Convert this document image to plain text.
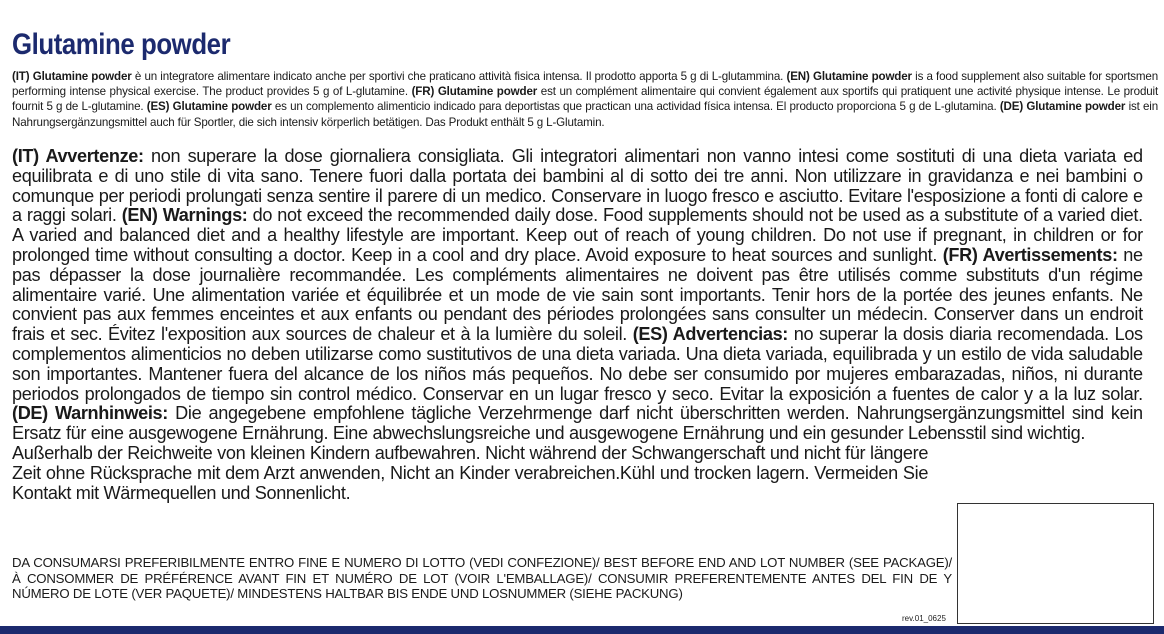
Glutamine powder
(IT) Glutamine powder è un integratore alimentare indicato anche per sportivi che praticano attività fisica intensa. Il prodotto apporta 5 g di L-glutammina. (EN) Glutamine powder is a food supplement also suitable for sportsmen performing intense physical exercise. The product provides 5 g of L-glutamine. (FR) Glutamine powder est un complément alimentaire qui convient également aux sportifs qui pratiquent une activité physique intense. Le produit fournit 5 g de L-glutamine. (ES) Glutamine powder es un complemento alimenticio indicado para deportistas que practican una actividad física intensa. El producto proporciona 5 g de L-glutamina. (DE) Glutamine powder ist ein Nahrungsergänzungsmittel auch für Sportler, die sich intensiv körperlich betätigen. Das Produkt enthält 5 g L-Glutamin.
(IT) Avvertenze: non superare la dose giornaliera consigliata. Gli integratori alimentari non vanno intesi come sostituti di una dieta variata ed equilibrata e di uno stile di vita sano. Tenere fuori dalla portata dei bambini al di sotto dei tre anni. Non utilizzare in gravidanza e nei bambini o comunque per periodi prolungati senza sentire il parere di un medico. Conservare in luogo fresco e asciutto. Evitare l'esposizione a fonti di calore e a raggi solari. (EN) Warnings: do not exceed the recommended daily dose. Food supplements should not be used as a substitute of a varied diet. A varied and balanced diet and a healthy lifestyle are important. Keep out of reach of young children. Do not use if pregnant, in children or for prolonged time without consulting a doctor. Keep in a cool and dry place. Avoid exposure to heat sources and sunlight. (FR) Avertissements: ne pas dépasser la dose journalière recommandée. Les compléments alimentaires ne doivent pas être utilisés comme substituts d'un régime alimentaire varié. Une alimentation variée et équilibrée et un mode de vie sain sont importants. Tenir hors de la portée des jeunes enfants. Ne convient pas aux femmes enceintes et aux enfants ou pendant des périodes prolongées sans consulter un médecin. Conserver dans un endroit frais et sec. Évitez l'exposition aux sources de chaleur et à la lumière du soleil. (ES) Advertencias: no superar la dosis diaria recomendada. Los complementos alimenticios no deben utilizarse como sustitutivos de una dieta variada. Una dieta variada, equilibrada y un estilo de vida saludable son importantes. Mantener fuera del alcance de los niños más pequeños. No debe ser consumido por mujeres embarazadas, niños, ni durante periodos prolongados de tiempo sin control médico. Conservar en un lugar fresco y seco. Evitar la exposición a fuentes de calor y a la luz solar. (DE) Warnhinweis: Die angegebene empfohlene tägliche Verzehrmenge darf nicht überschritten werden. Nahrungsergänzungsmittel sind kein Ersatz für eine ausgewogene Ernährung. Eine abwechslungsreiche und ausgewogene Ernährung und ein gesunder Lebensstil sind wichtig.
Außerhalb der Reichweite von kleinen Kindern aufbewahren. Nicht während der Schwangerschaft und nicht für längere Zeit ohne Rücksprache mit dem Arzt anwenden, Nicht an Kinder verabreichen.Kühl und trocken lagern. Vermeiden Sie Kontakt mit Wärmequellen und Sonnenlicht.
DA CONSUMARSI PREFERIBILMENTE ENTRO FINE E NUMERO DI LOTTO (VEDI CONFEZIONE)/ BEST BEFORE END AND LOT NUMBER (SEE PACKAGE)/ À CONSOMMER DE PRÉFÉRENCE AVANT FIN ET NUMÉRO DE LOT (VOIR L'EMBALLAGE)/ CONSUMIR PREFERENTEMENTE ANTES DEL FIN DE Y NÚMERO DE LOTE (VER PAQUETE)/ MINDESTENS HALTBAR BIS ENDE UND LOSNUMMER (SIEHE PACKUNG)
rev.01_0625
